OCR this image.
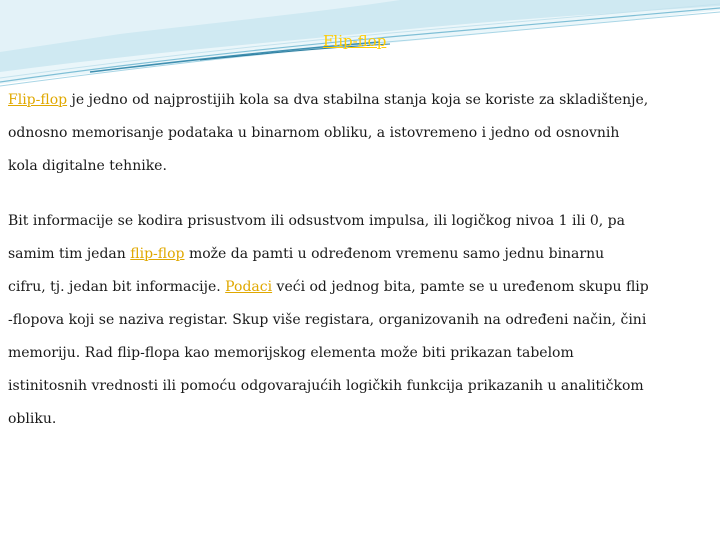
Flip-flop

Flip-flop je jedno od najprostijih kola sa dva stabilna stanja koja se koriste za skladištenje,
odnosno memorisanje podataka u binarnom obliku, a istovremeno i jedno od osnovnih
kola digitalne tehnike.

Bit informacije se kodira prisustvom ili odsustvom impulsa, ili logičkog nivoa 1 ili 0, pa
samim tim jedan flip-flop može da pamti u određenom vremenu samo jednu binarnu
cifru, tj. jedan bit informacije. Podaci veći od jednog bita, pamte se u uređenom skupu flip
-flopova koji se naziva registar. Skup više registara, organizovanih na određeni način, čini
memoriju. Rad flip-flopa kao memorijskog elementa može biti prikazan tabelom
istinitosnih vrednosti ili pomoću odgovarajućih logičkih funkcija prikazanih u analitičkom
obliku.
